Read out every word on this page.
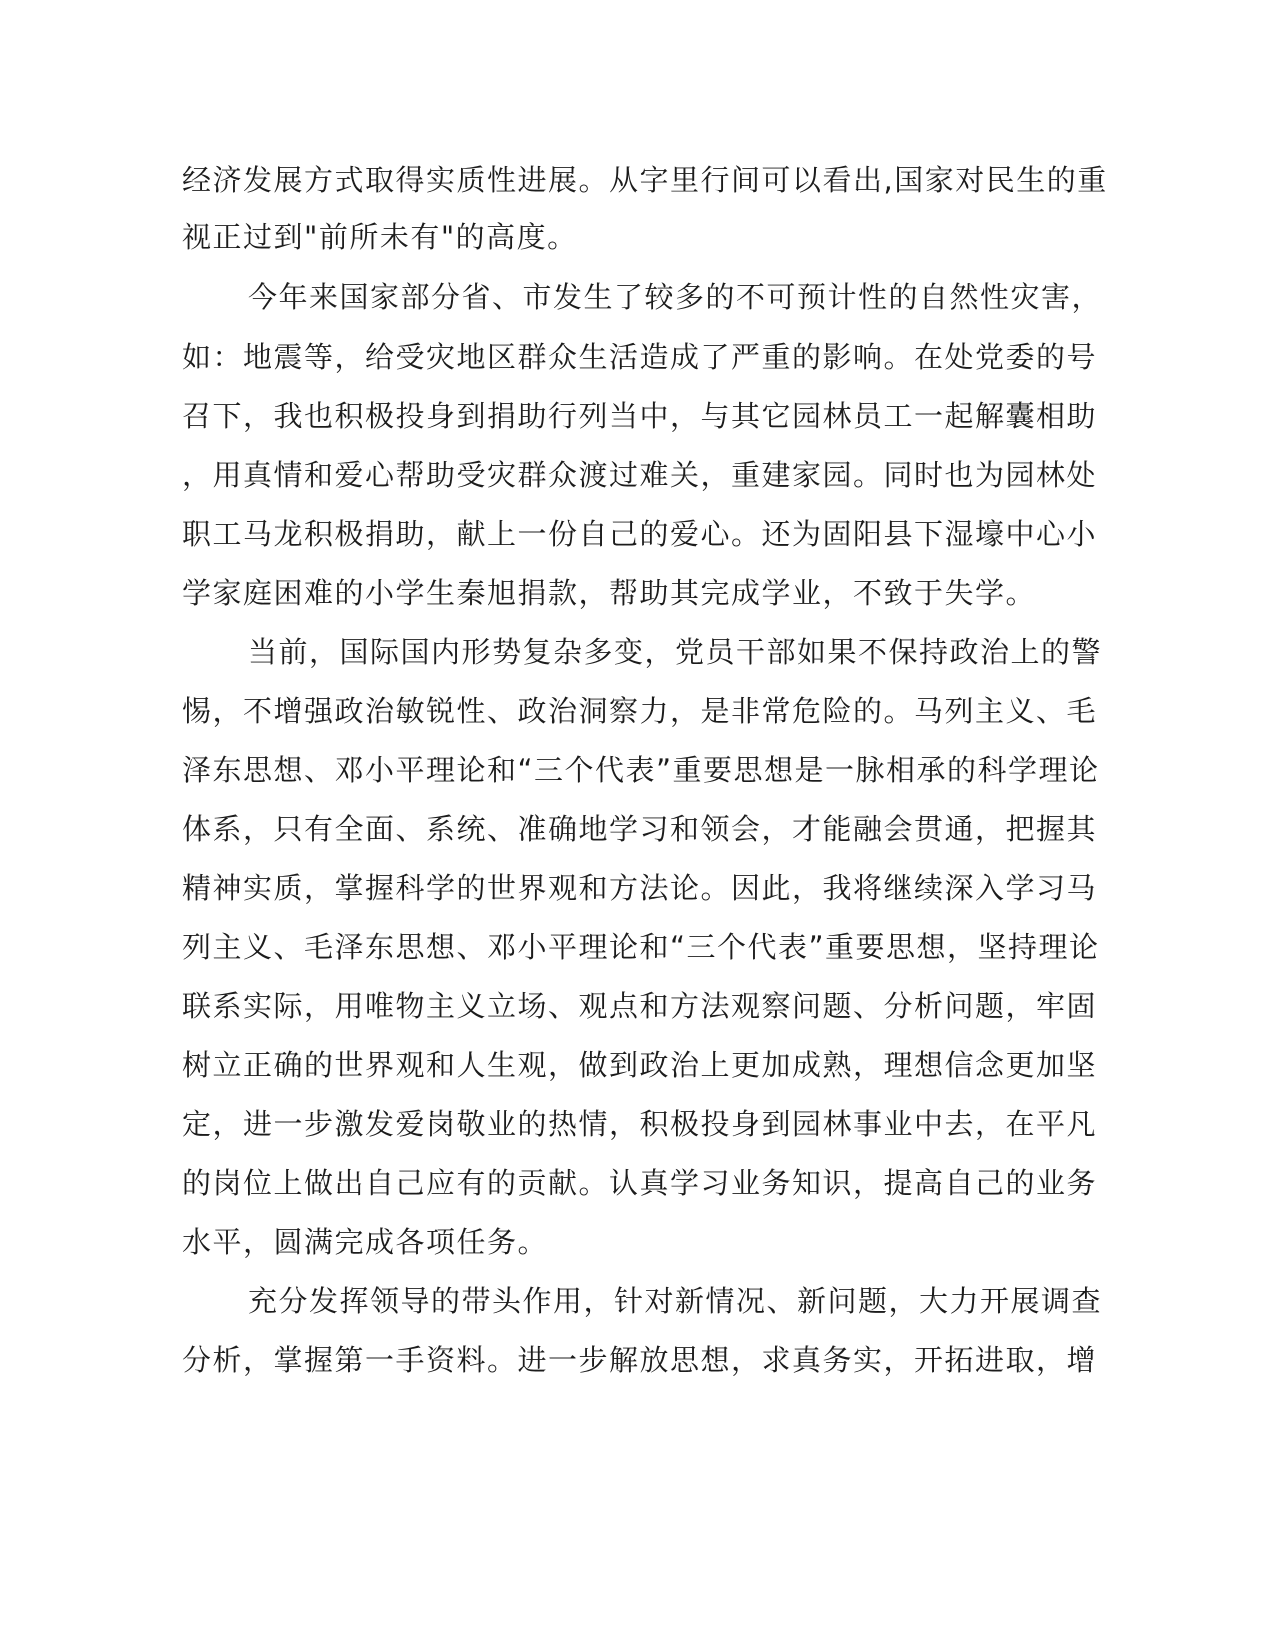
经济发展方式取得实质性进展。从字里行间可以看出,国家对民生的重
视正过到"前所未有"的高度。
今年来国家部分省、市发生了较多的不可预计性的自然性灾害，
如：地震等，给受灾地区群众生活造成了严重的影响。在处党委的号
召下，我也积极投身到捐助行列当中，与其它园林员工一起解囊相助
，用真情和爱心帮助受灾群众渡过难关，重建家园。同时也为园林处
职工马龙积极捐助，献上一份自己的爱心。还为固阳县下湿壕中心小
学家庭困难的小学生秦旭捐款，帮助其完成学业，不致于失学。
当前，国际国内形势复杂多变，党员干部如果不保持政治上的警
惕，不增强政治敏锐性、政治洞察力，是非常危险的。马列主义、毛
泽东思想、邓小平理论和“三个代表”重要思想是一脉相承的科学理论
体系，只有全面、系统、准确地学习和领会，才能融会贯通，把握其
精神实质，掌握科学的世界观和方法论。因此，我将继续深入学习马
列主义、毛泽东思想、邓小平理论和“三个代表”重要思想，坚持理论
联系实际，用唯物主义立场、观点和方法观察问题、分析问题，牢固
树立正确的世界观和人生观，做到政治上更加成熟，理想信念更加坚
定，进一步激发爱岗敬业的热情，积极投身到园林事业中去，在平凡
的岗位上做出自己应有的贡献。认真学习业务知识，提高自己的业务
水平，圆满完成各项任务。
充分发挥领导的带头作用，针对新情况、新问题，大力开展调查
分析，掌握第一手资料。进一步解放思想，求真务实，开拓进取，增
